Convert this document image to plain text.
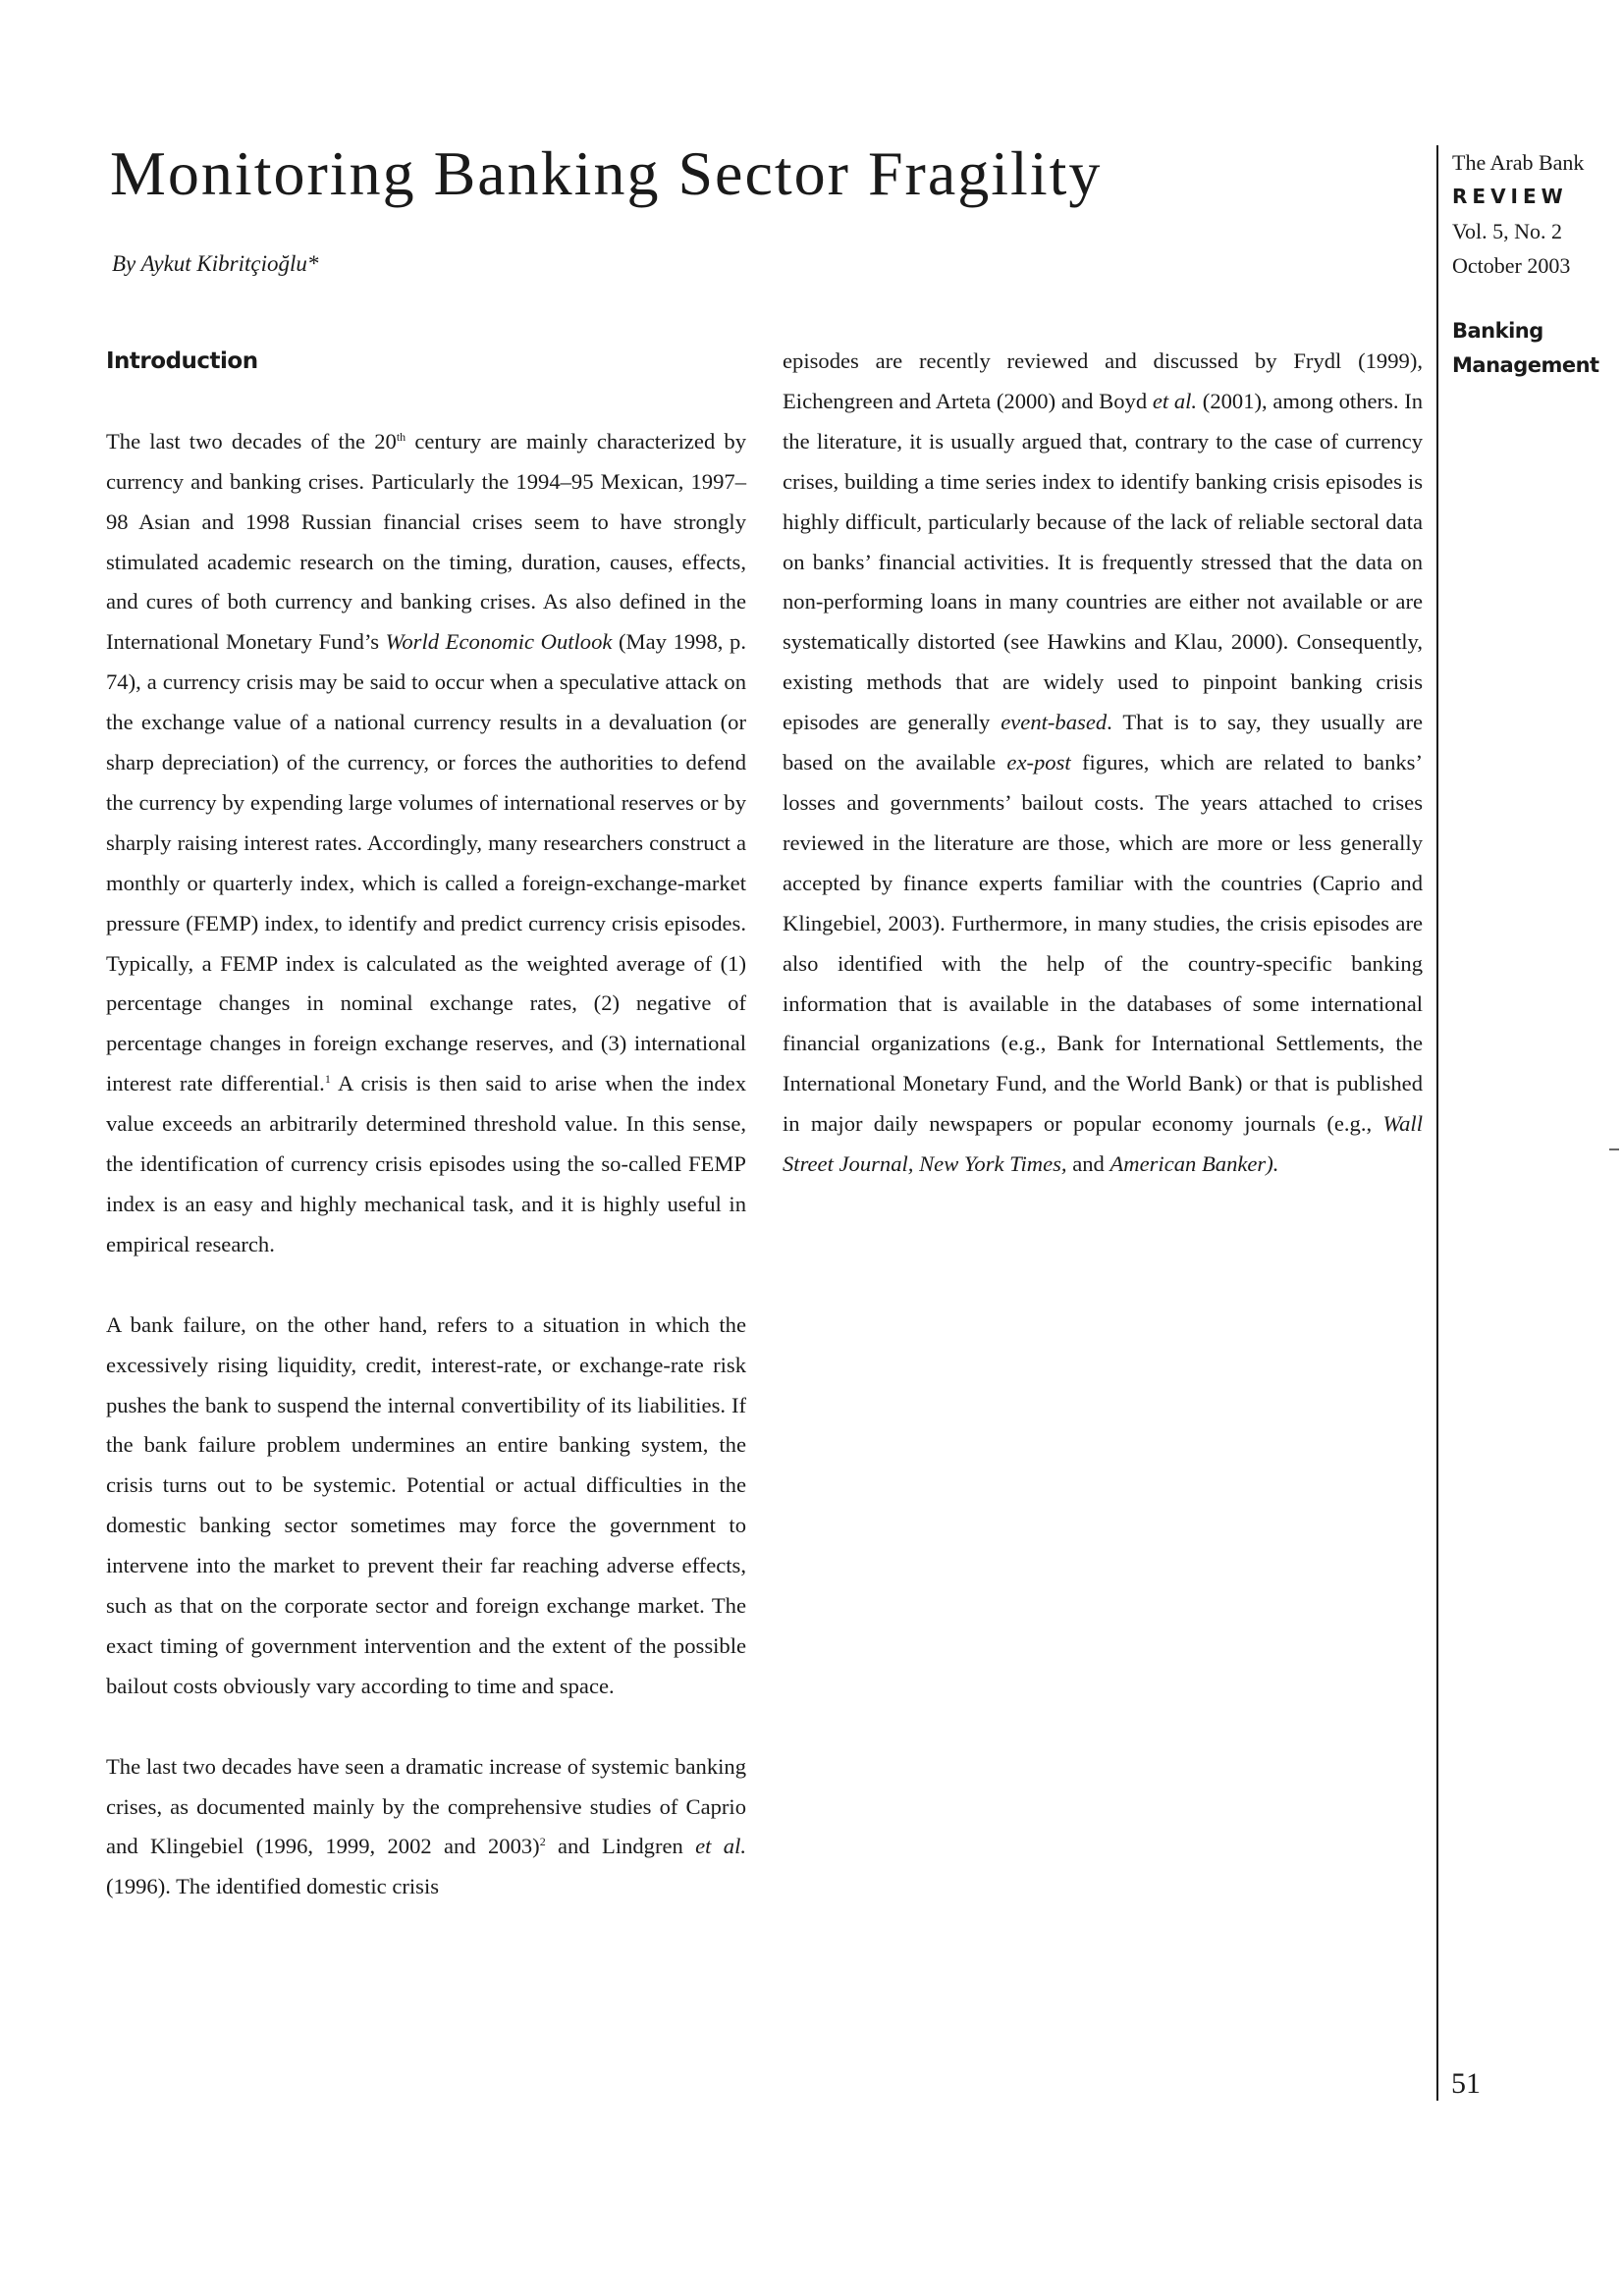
Monitoring Banking Sector Fragility

By Aykut Kibritçioğlu*

The Arab Bank
REVIEW
Vol. 5, No. 2
October 2003
Banking
Management
Introduction

The last two decades of the 20th century are mainly characterized by currency and banking crises. Particularly the 1994–95 Mexican, 1997–98 Asian and 1998 Russian financial crises seem to have strongly stimulated academic research on the timing, duration, causes, effects, and cures of both currency and banking crises. As also defined in the International Monetary Fund’s World Economic Outlook (May 1998, p. 74), a currency crisis may be said to occur when a speculative attack on the exchange value of a national currency results in a devaluation (or sharp depreciation) of the currency, or forces the authorities to defend the currency by expending large volumes of international reserves or by sharply raising interest rates. Accordingly, many researchers construct a monthly or quarterly index, which is called a foreign-exchange-market pressure (FEMP) index, to identify and predict currency crisis episodes. Typically, a FEMP index is calculated as the weighted average of (1) percentage changes in nominal exchange rates, (2) negative of percentage changes in foreign exchange reserves, and (3) international interest rate differential.$^1$ A crisis is then said to arise when the index value exceeds an arbitrarily determined threshold value. In this sense, the identification of currency crisis episodes using the so-called FEMP index is an easy and highly mechanical task, and it is highly useful in empirical research.

A bank failure, on the other hand, refers to a situation in which the excessively rising liquidity, credit, interest-rate, or exchange-rate risk pushes the bank to suspend the internal convertibility of its liabilities. If the bank failure problem undermines an entire banking system, the crisis turns out to be systemic. Potential or actual difficulties in the domestic banking sector sometimes may force the government to intervene into the market to prevent their far reaching adverse effects, such as that on the corporate sector and foreign exchange market. The exact timing of government intervention and the extent of the possible bailout costs obviously vary according to time and space.

The last two decades have seen a dramatic increase of systemic banking crises, as documented mainly by the comprehensive studies of Caprio and Klingebiel (1996, 1999, 2002 and 2003)$^2$ and Lindgren et al. (1996). The identified domestic crisis

episodes are recently reviewed and discussed by Frydl (1999), Eichengreen and Arteta (2000) and Boyd et al. (2001), among others. In the literature, it is usually argued that, contrary to the case of currency crises, building a time series index to identify banking crisis episodes is highly difficult, particularly because of the lack of reliable sectoral data on banks’ financial activities. It is frequently stressed that the data on non-performing loans in many countries are either not available or are systematically distorted (see Hawkins and Klau, 2000). Consequently, existing methods that are widely used to pinpoint banking crisis episodes are generally event-based. That is to say, they usually are based on the available ex-post figures, which are related to banks’ losses and governments’ bailout costs. The years attached to crises reviewed in the literature are those, which are more or less generally accepted by finance experts familiar with the countries (Caprio and Klingebiel, 2003). Furthermore, in many studies, the crisis episodes are also identified with the help of the country-specific banking information that is available in the databases of some international financial organizations (e.g., Bank for International Settlements, the International Monetary Fund, and the World Bank) or that is published in major daily newspapers or popular economy journals (e.g., Wall Street Journal, New York Times, and American Banker).

51
